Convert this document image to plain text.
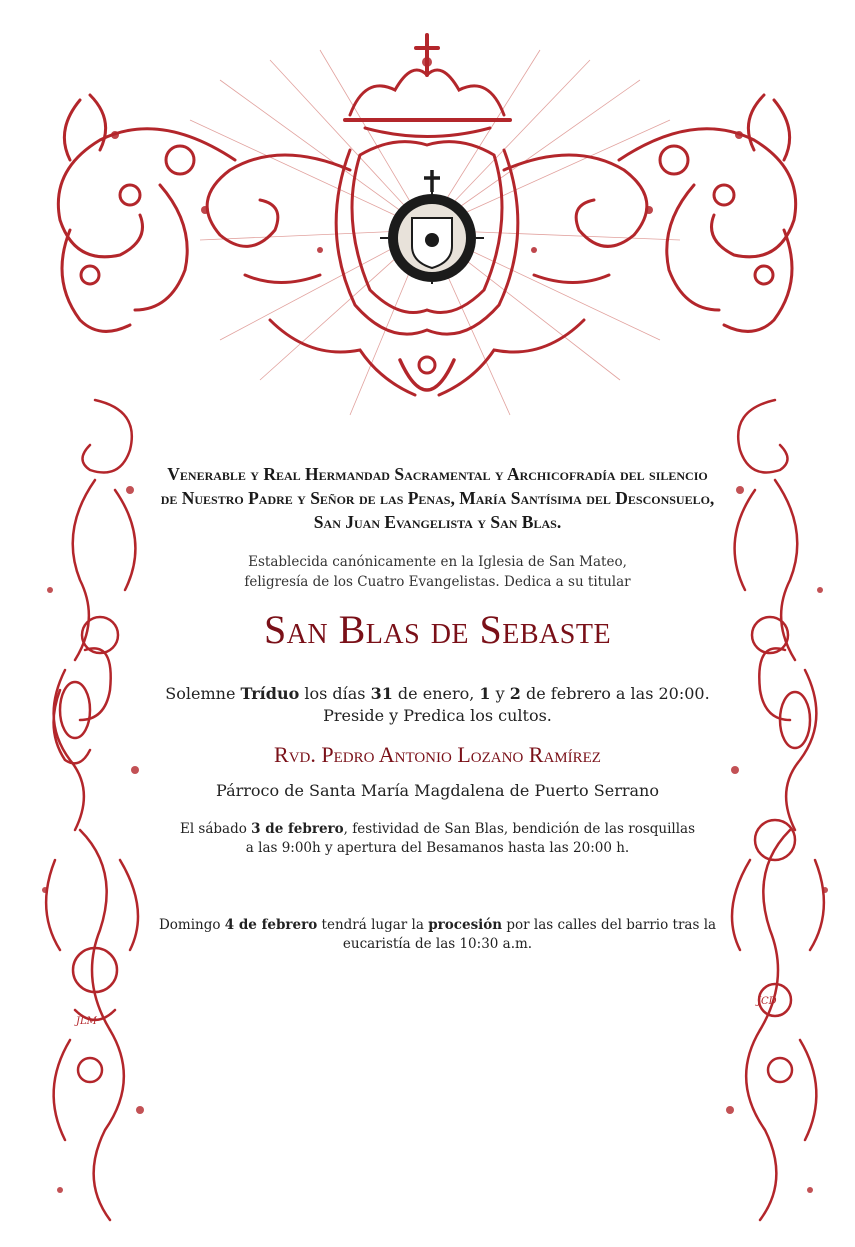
JLM
JCD
Venerable y Real Hermandad Sacramental y Archicofradía del silencio
de Nuestro Padre y Señor de las Penas, María Santísima del Desconsuelo,
San Juan Evangelista y San Blas.
Establecida canónicamente en la Iglesia de San Mateo,
feligresía de los Cuatro Evangelistas. Dedica a su titular
San Blas de Sebaste
Solemne Tríduo los días 31 de enero, 1 y 2 de febrero a las 20:00.
Preside y Predica los cultos.
Rvd. Pedro Antonio Lozano Ramírez
Párroco de Santa María Magdalena de Puerto Serrano
El sábado 3 de febrero, festividad de San Blas, bendición de las rosquillas
a las 9:00h y apertura del Besamanos hasta las 20:00 h.
Domingo 4 de febrero tendrá lugar la procesión por las calles del barrio tras la
eucaristía de las 10:30 a.m.
